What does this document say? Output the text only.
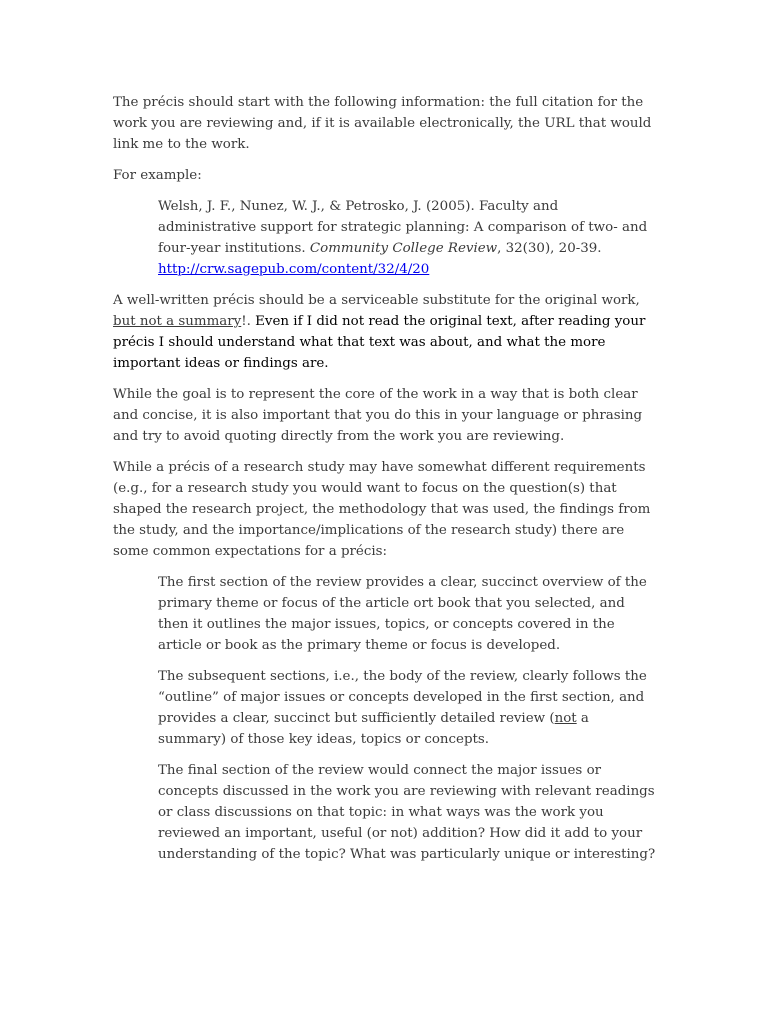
The précis should start with the following information: the full citation for the work you are reviewing and, if it is available electronically, the URL that would link me to the work.

For example:

Welsh, J. F., Nunez, W. J., & Petrosko, J. (2005). Faculty and administrative support for strategic planning: A comparison of two- and four-year institutions. Community College Review, 32(30), 20-39.
http://crw.sagepub.com/content/32/4/20

A well-written précis should be a serviceable substitute for the original work, but not a summary!. Even if I did not read the original text, after reading your précis I should understand what that text was about, and what the more important ideas or findings are.

While the goal is to represent the core of the work in a way that is both clear and concise, it is also important that you do this in your language or phrasing and try to avoid quoting directly from the work you are reviewing.

While a précis of a research study may have somewhat different requirements (e.g., for a research study you would want to focus on the question(s) that shaped the research project, the methodology that was used, the findings from the study, and the importance/implications of the research study) there are some common expectations for a précis:

The first section of the review provides a clear, succinct overview of the primary theme or focus of the article ort book that you selected, and then it outlines the major issues, topics, or concepts covered in the article or book as the primary theme or focus is developed.

The subsequent sections, i.e., the body of the review, clearly follows the “outline” of major issues or concepts developed in the first section, and provides a clear, succinct but sufficiently detailed review (not a summary) of those key ideas, topics or concepts.

The final section of the review would connect the major issues or concepts discussed in the work you are reviewing with relevant readings or class discussions on that topic: in what ways was the work you reviewed an important, useful (or not) addition? How did it add to your understanding of the topic? What was particularly unique or interesting?
